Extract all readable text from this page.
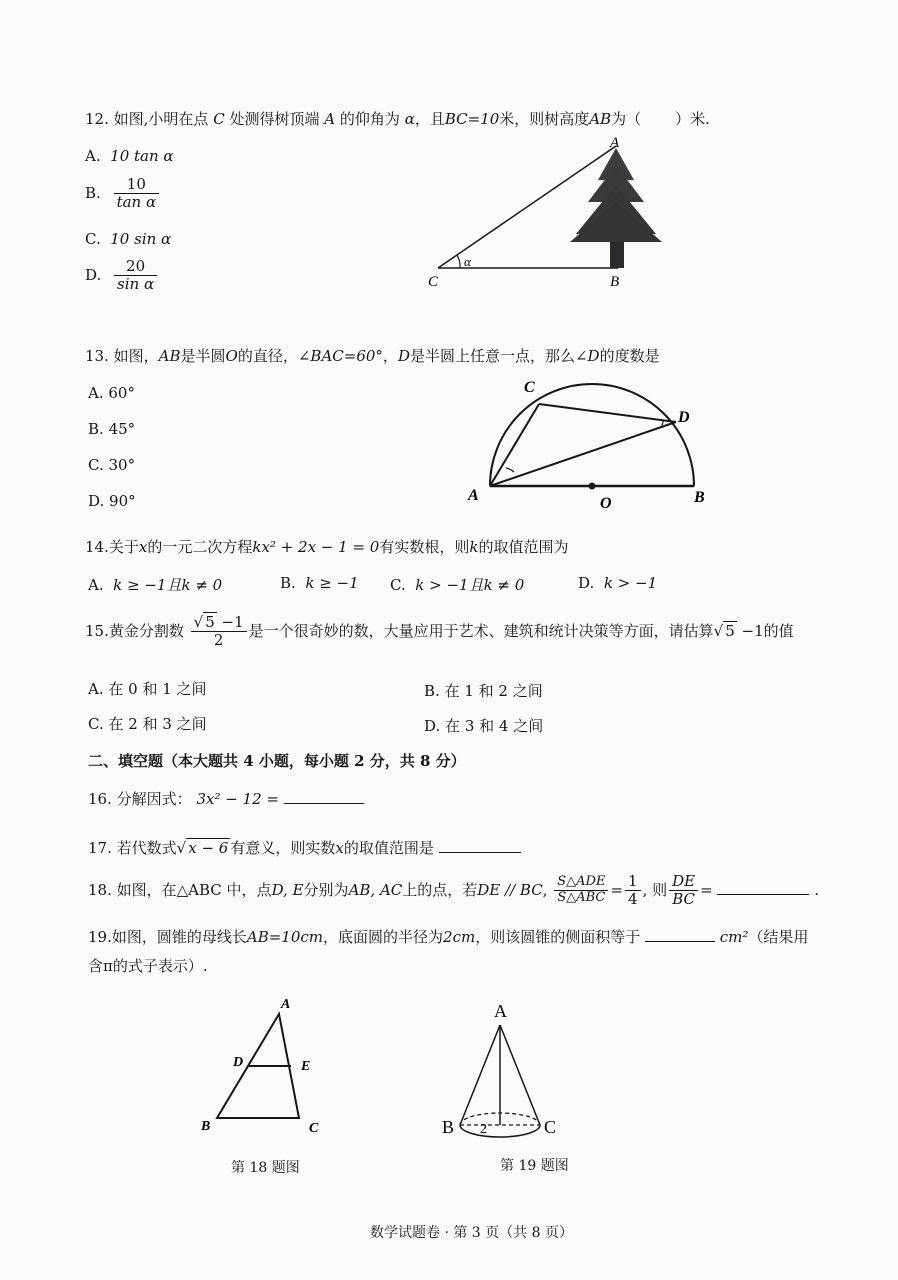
12. 如图,小明在点 C 处测得树顶端 A 的仰角为 α，且BC=10米，则树高度AB为（ ）米.
A. 10 tan α
B. $\frac{10}{\text{tan α}}$
C. 10 sin α
D. $\frac{20}{\text{sin α}}$
A
B
C
α
13. 如图，AB是半圆O的直径，∠BAC=60°，D是半圆上任意一点，那么∠D的度数是
A. 60°
B. 45°
C. 30°
D. 90°	A	B
C
D
O
14.关于x的一元二次方程kx² + 2x − 1 = 0有实数根，则k的取值范围为
A. k ≥ −1且k ≠ 0	B. k ≥ −1 C. k > −1且k ≠ 0	D. k > −1
15.黄金分割数 $\frac{√ 5 -1}{2}$ 是一个很奇妙的数，大量应用于艺术、建筑和统计决策等方面，请估算√ 5 −1的值
A. 在 0 和 1 之间	B. 在 1 和 2 之间
C. 在 2 和 3 之间	D. 在 3 和 4 之间
二、填空题（本大题共 4 小题，每小题 2 分，共 8 分）
16. 分解因式： 3x² − 12 =
17. 若代数式√ x − 6 有意义，则实数x的取值范围是
18. 如图，在△ABC 中，点D, E分别为AB, AC上的点，若DE // BC, $\frac{\text{S△ADE}}{\text{S△ABC}} = \frac{1}{4}$ , 则 $\frac{DE}{BC}$ =	.
19.如图，圆锥的母线长AB=10cm，底面圆的半径为2cm，则该圆锥的侧面积等于	cm²（结果用
含π的式子表示）.
A
B	C
D	E
第 18 题图
A
B	C
2
第 19 题图
数学试题卷 · 第 3 页（共 8 页）
